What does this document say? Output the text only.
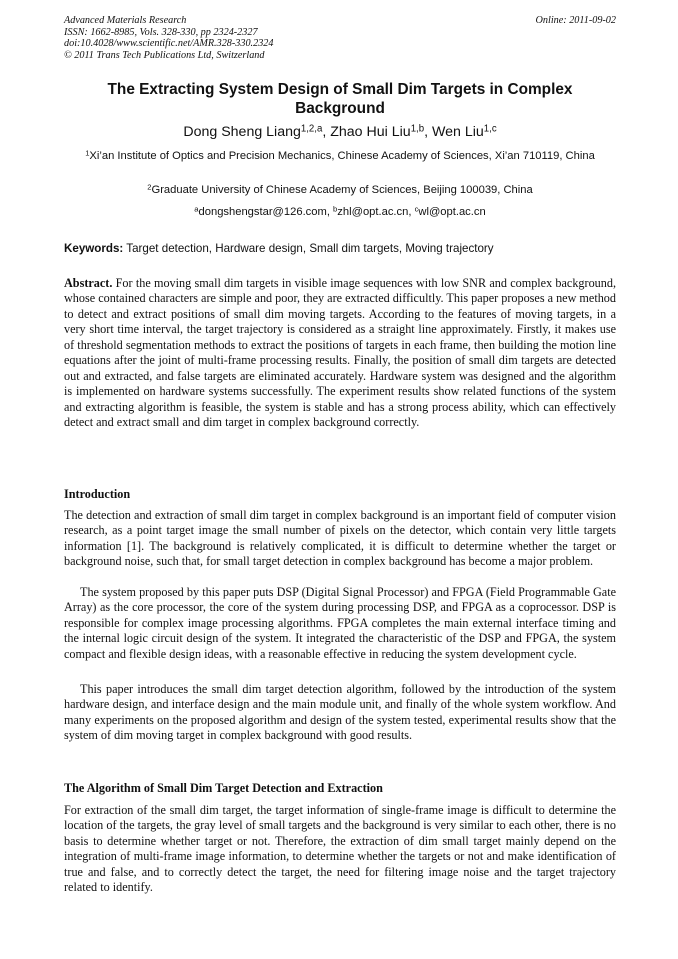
Advanced Materials Research
ISSN: 1662-8985, Vols. 328-330, pp 2324-2327
doi:10.4028/www.scientific.net/AMR.328-330.2324
© 2011 Trans Tech Publications Ltd, Switzerland
Online: 2011-09-02
The Extracting System Design of Small Dim Targets in Complex Background
Dong Sheng Liang$^{1,2,a}$, Zhao Hui Liu$^{1,b}$, Wen Liu$^{1,c}$
$^1$Xi’an Institute of Optics and Precision Mechanics, Chinese Academy of Sciences, Xi’an 710119, China
$^2$Graduate University of Chinese Academy of Sciences, Beijing 100039, China
$^a$dongshengstar@126.com, $^b$zhl@opt.ac.cn, $^c$wl@opt.ac.cn
Keywords: Target detection, Hardware design, Small dim targets, Moving trajectory

Abstract. For the moving small dim targets in visible image sequences with low SNR and complex background, whose contained characters are simple and poor, they are extracted difficultly. This paper proposes a new method to detect and extract positions of small dim moving targets. According to the features of moving targets, in a very short time interval, the target trajectory is considered as a straight line approximately. Firstly, it makes use of threshold segmentation methods to extract the positions of targets in each frame, then building the motion line equations after the joint of multi-frame processing results. Finally, the position of small dim targets are detected out and extracted, and false targets are eliminated accurately. Hardware system was designed and the algorithm is implemented on hardware systems successfully. The experiment results show related functions of the system and extracting algorithm is feasible, the system is stable and has a strong process ability, which can effectively detect and extract small and dim target in complex background correctly.

Introduction

The detection and extraction of small dim target in complex background is an important field of computer vision research, as a point target image the small number of pixels on the detector, which contain very little targets information [1]. The background is relatively complicated, it is difficult to determine whether the target or background noise, such that, for small target detection in complex background has become a major problem.

The system proposed by this paper puts DSP (Digital Signal Processor) and FPGA (Field Programmable Gate Array) as the core processor, the core of the system during processing DSP, and FPGA as a coprocessor. DSP is responsible for complex image processing algorithms. FPGA completes the main external interface timing and the internal logic circuit design of the system. It integrated the characteristic of the DSP and FPGA, the system compact and flexible design ideas, with a reasonable effective in reducing the system development cycle.

This paper introduces the small dim target detection algorithm, followed by the introduction of the system hardware design, and interface design and the main module unit, and finally of the whole system workflow. And many experiments on the proposed algorithm and design of the system tested, experimental results show that the system of dim moving target in complex background with good results.

The Algorithm of Small Dim Target Detection and Extraction

For extraction of the small dim target, the target information of single-frame image is difficult to determine the location of the targets, the gray level of small targets and the background is very similar to each other, there is no basis to determine whether target or not. Therefore, the extraction of dim small target mainly depend on the integration of multi-frame image information, to determine whether the targets or not and make identification of true and false, and to correctly detect the target, the need for filtering image noise and the target trajectory related to identify.
